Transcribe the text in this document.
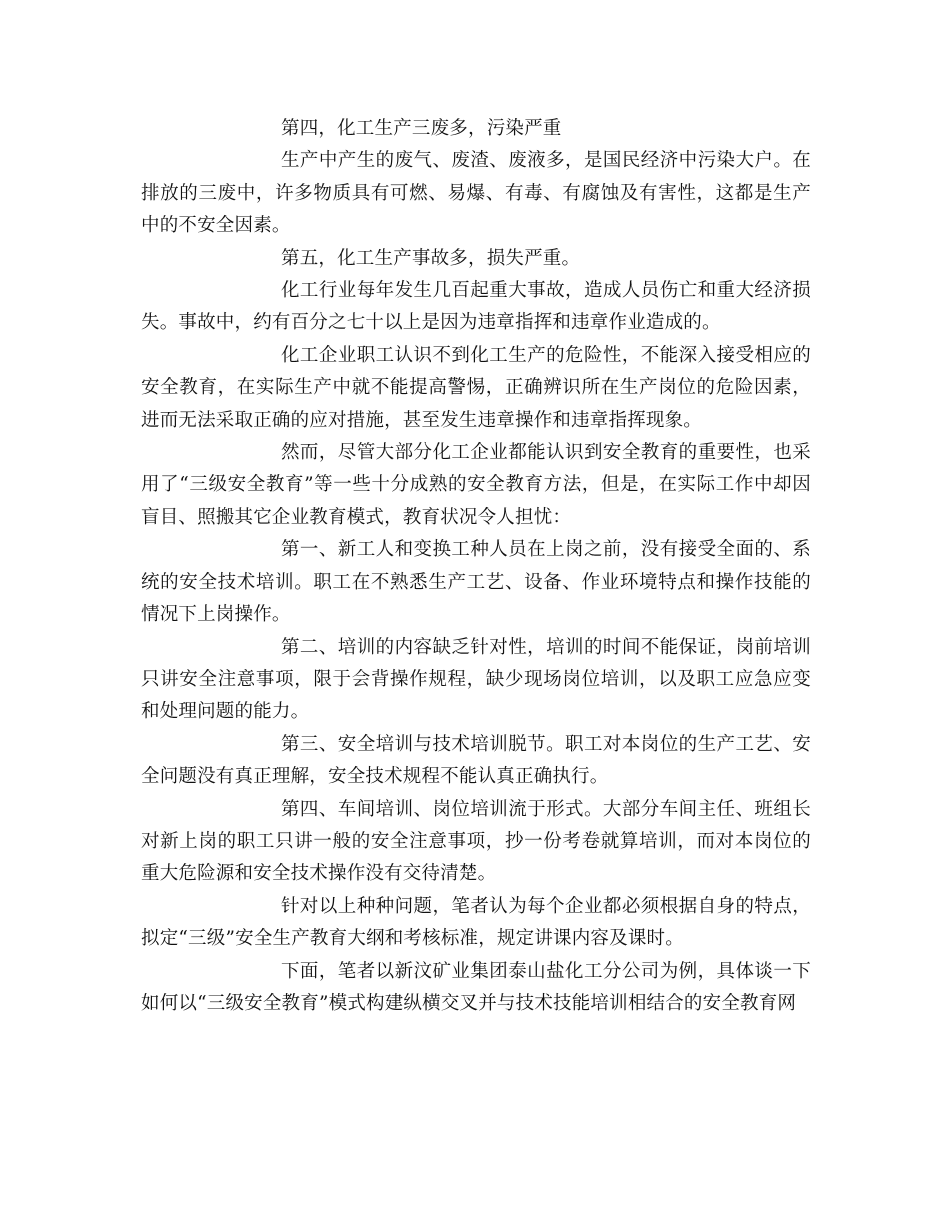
第四，化工生产三废多，污染严重

生产中产生的废气、废渣、废液多，是国民经济中污染大户。在排放的三废中，许多物质具有可燃、易爆、有毒、有腐蚀及有害性，这都是生产中的不安全因素。

第五，化工生产事故多，损失严重。

化工行业每年发生几百起重大事故，造成人员伤亡和重大经济损失。事故中，约有百分之七十以上是因为违章指挥和违章作业造成的。

化工企业职工认识不到化工生产的危险性，不能深入接受相应的安全教育，在实际生产中就不能提高警惕，正确辨识所在生产岗位的危险因素，进而无法采取正确的应对措施，甚至发生违章操作和违章指挥现象。

然而，尽管大部分化工企业都能认识到安全教育的重要性，也采用了“三级安全教育”等一些十分成熟的安全教育方法，但是，在实际工作中却因盲目、照搬其它企业教育模式，教育状况令人担忧：

第一、新工人和变换工种人员在上岗之前，没有接受全面的、系统的安全技术培训。职工在不熟悉生产工艺、设备、作业环境特点和操作技能的情况下上岗操作。

第二、培训的内容缺乏针对性，培训的时间不能保证，岗前培训只讲安全注意事项，限于会背操作规程，缺少现场岗位培训，以及职工应急应变和处理问题的能力。

第三、安全培训与技术培训脱节。职工对本岗位的生产工艺、安全问题没有真正理解，安全技术规程不能认真正确执行。

第四、车间培训、岗位培训流于形式。大部分车间主任、班组长对新上岗的职工只讲一般的安全注意事项，抄一份考卷就算培训，而对本岗位的重大危险源和安全技术操作没有交待清楚。

针对以上种种问题，笔者认为每个企业都必须根据自身的特点，拟定“三级”安全生产教育大纲和考核标准，规定讲课内容及课时。

下面，笔者以新汶矿业集团泰山盐化工分公司为例，具体谈一下如何以“三级安全教育”模式构建纵横交叉并与技术技能培训相结合的安全教育网
